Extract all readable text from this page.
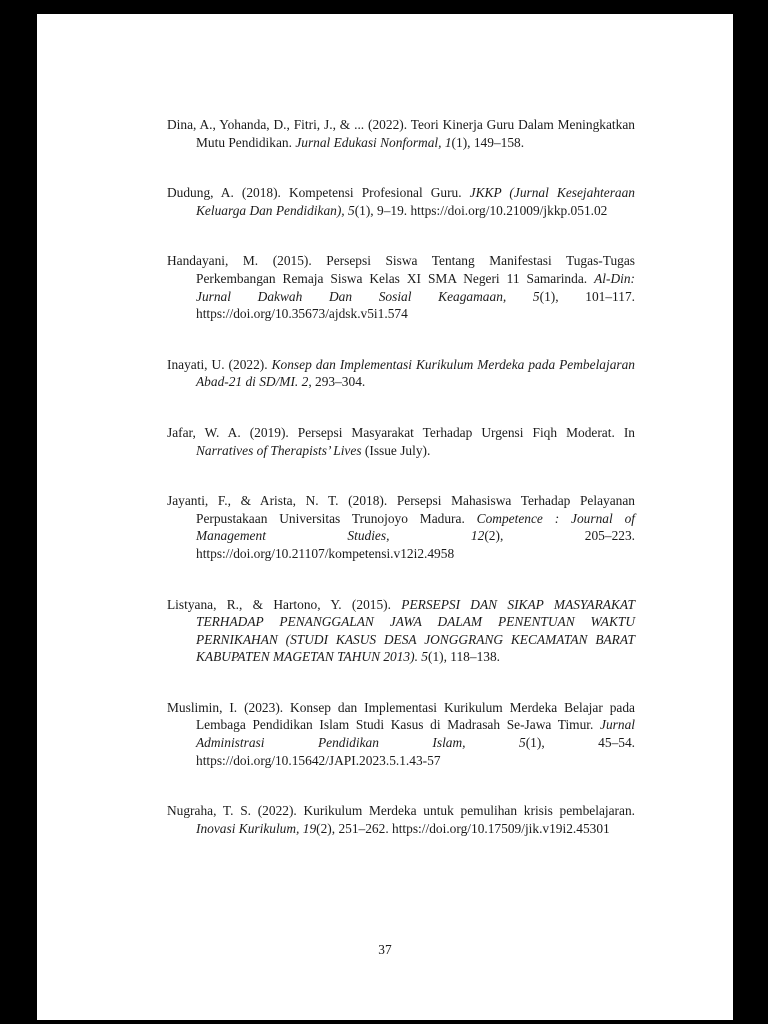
Dina, A., Yohanda, D., Fitri, J., & ... (2022). Teori Kinerja Guru Dalam Meningkatkan Mutu Pendidikan. Jurnal Edukasi Nonformal, 1(1), 149–158.

Dudung, A. (2018). Kompetensi Profesional Guru. JKKP (Jurnal Kesejahteraan Keluarga Dan Pendidikan), 5(1), 9–19. https://doi.org/10.21009/jkkp.051.02

Handayani, M. (2015). Persepsi Siswa Tentang Manifestasi Tugas-Tugas Perkembangan Remaja Siswa Kelas XI SMA Negeri 11 Samarinda. Al-Din: Jurnal Dakwah Dan Sosial Keagamaan, 5(1), 101–117. https://doi.org/10.35673/ajdsk.v5i1.574

Inayati, U. (2022). Konsep dan Implementasi Kurikulum Merdeka pada Pembelajaran Abad-21 di SD/MI. 2, 293–304.

Jafar, W. A. (2019). Persepsi Masyarakat Terhadap Urgensi Fiqh Moderat. In Narratives of Therapists’ Lives (Issue July).

Jayanti, F., & Arista, N. T. (2018). Persepsi Mahasiswa Terhadap Pelayanan Perpustakaan Universitas Trunojoyo Madura. Competence : Journal of Management Studies, 12(2), 205–223. https://doi.org/10.21107/kompetensi.v12i2.4958

Listyana, R., & Hartono, Y. (2015). PERSEPSI DAN SIKAP MASYARAKAT TERHADAP PENANGGALAN JAWA DALAM PENENTUAN WAKTU PERNIKAHAN (STUDI KASUS DESA JONGGRANG KECAMATAN BARAT KABUPATEN MAGETAN TAHUN 2013). 5(1), 118–138.

Muslimin, I. (2023). Konsep dan Implementasi Kurikulum Merdeka Belajar pada Lembaga Pendidikan Islam Studi Kasus di Madrasah Se-Jawa Timur. Jurnal Administrasi Pendidikan Islam, 5(1), 45–54. https://doi.org/10.15642/JAPI.2023.5.1.43-57

Nugraha, T. S. (2022). Kurikulum Merdeka untuk pemulihan krisis pembelajaran. Inovasi Kurikulum, 19(2), 251–262. https://doi.org/10.17509/jik.v19i2.45301

37
